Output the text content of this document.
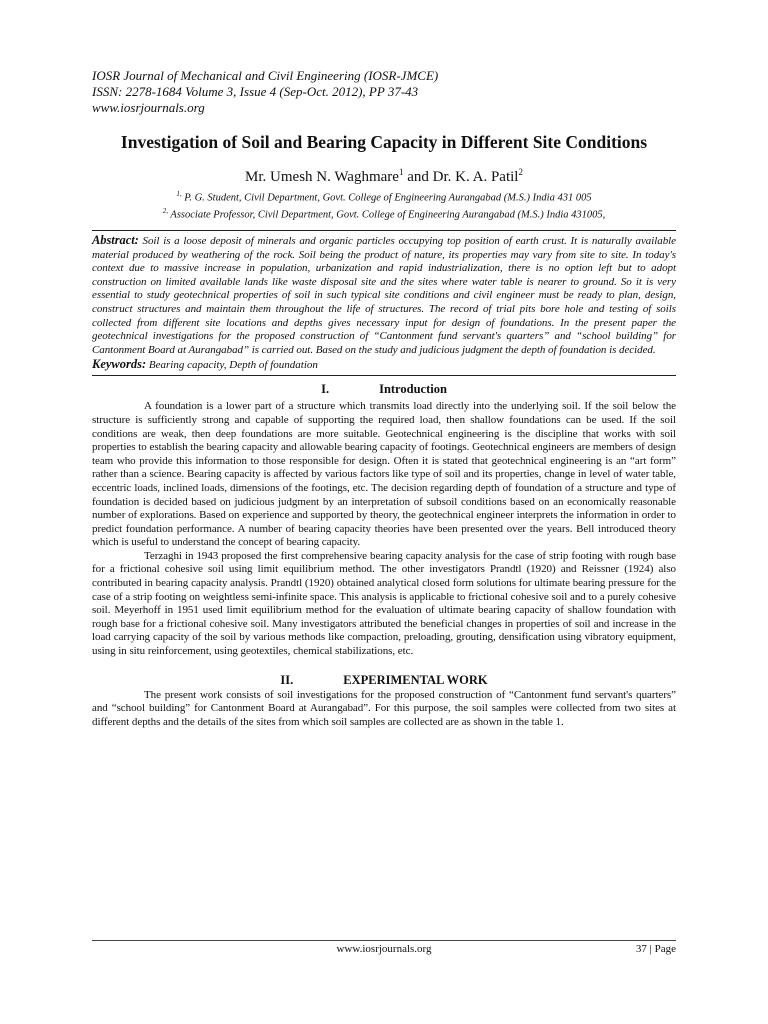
IOSR Journal of Mechanical and Civil Engineering (IOSR-JMCE)
ISSN: 2278-1684 Volume 3, Issue 4 (Sep-Oct. 2012), PP 37-43
www.iosrjournals.org
Investigation of Soil and Bearing Capacity in Different Site Conditions
Mr. Umesh N. Waghmare$^1$ and Dr. K. A. Patil$^2$
$^{1,}$ P. G. Student, Civil Department, Govt. College of Engineering Aurangabad (M.S.) India 431 005
$^{2,}$ Associate Professor, Civil Department, Govt. College of Engineering Aurangabad (M.S.) India 431005,
Abstract: Soil is a loose deposit of minerals and organic particles occupying top position of earth crust. It is naturally available material produced by weathering of the rock. Soil being the product of nature, its properties may vary from site to site. In today's context due to massive increase in population, urbanization and rapid industrialization, there is no option left but to adopt construction on limited available lands like waste disposal site and the sites where water table is nearer to ground. So it is very essential to study geotechnical properties of soil in such typical site conditions and civil engineer must be ready to plan, design, construct structures and maintain them throughout the life of structures. The record of trial pits bore hole and testing of soils collected from different site locations and depths gives necessary input for design of foundations. In the present paper the geotechnical investigations for the proposed construction of “Cantonment fund servant's quarters” and “school building” for Cantonment Board at Aurangabad” is carried out. Based on the study and judicious judgment the depth of foundation is decided.
Keywords: Bearing capacity, Depth of foundation
I.	Introduction

A foundation is a lower part of a structure which transmits load directly into the underlying soil. If the soil below the structure is sufficiently strong and capable of supporting the required load, then shallow foundations can be used. If the soil conditions are weak, then deep foundations are more suitable. Geotechnical engineering is the discipline that works with soil properties to establish the bearing capacity and allowable bearing capacity of footings. Geotechnical engineers are members of design team who provide this information to those responsible for design. Often it is stated that geotechnical engineering is an “art form” rather than a science. Bearing capacity is affected by various factors like type of soil and its properties, change in level of water table, eccentric loads, inclined loads, dimensions of the footings, etc. The decision regarding depth of foundation of a structure and type of foundation is decided based on judicious judgment by an interpretation of subsoil conditions based on an economically reasonable number of explorations. Based on experience and supported by theory, the geotechnical engineer interprets the information in order to predict foundation performance. A number of bearing capacity theories have been presented over the years. Bell introduced theory which is useful to understand the concept of bearing capacity.

Terzaghi in 1943 proposed the first comprehensive bearing capacity analysis for the case of strip footing with rough base for a frictional cohesive soil using limit equilibrium method. The other investigators Prandtl (1920) and Reissner (1924) also contributed in bearing capacity analysis. Prandtl (1920) obtained analytical closed form solutions for ultimate bearing pressure for the case of a strip footing on weightless semi-infinite space. This analysis is applicable to frictional cohesive soil and to a purely cohesive soil. Meyerhoff in 1951 used limit equilibrium method for the evaluation of ultimate bearing capacity of shallow foundation with rough base for a frictional cohesive soil. Many investigators attributed the beneficial changes in properties of soil and increase in the load carrying capacity of the soil by various methods like compaction, preloading, grouting, densification using vibratory equipment, using in situ reinforcement, using geotextiles, chemical stabilizations, etc.

II.	EXPERIMENTAL WORK

The present work consists of soil investigations for the proposed construction of “Cantonment fund servant's quarters” and “school building” for Cantonment Board at Aurangabad”. For this purpose, the soil samples were collected from two sites at different depths and the details of the sites from which soil samples are collected are as shown in the table 1.

www.iosrjournals.org	37 | Page
